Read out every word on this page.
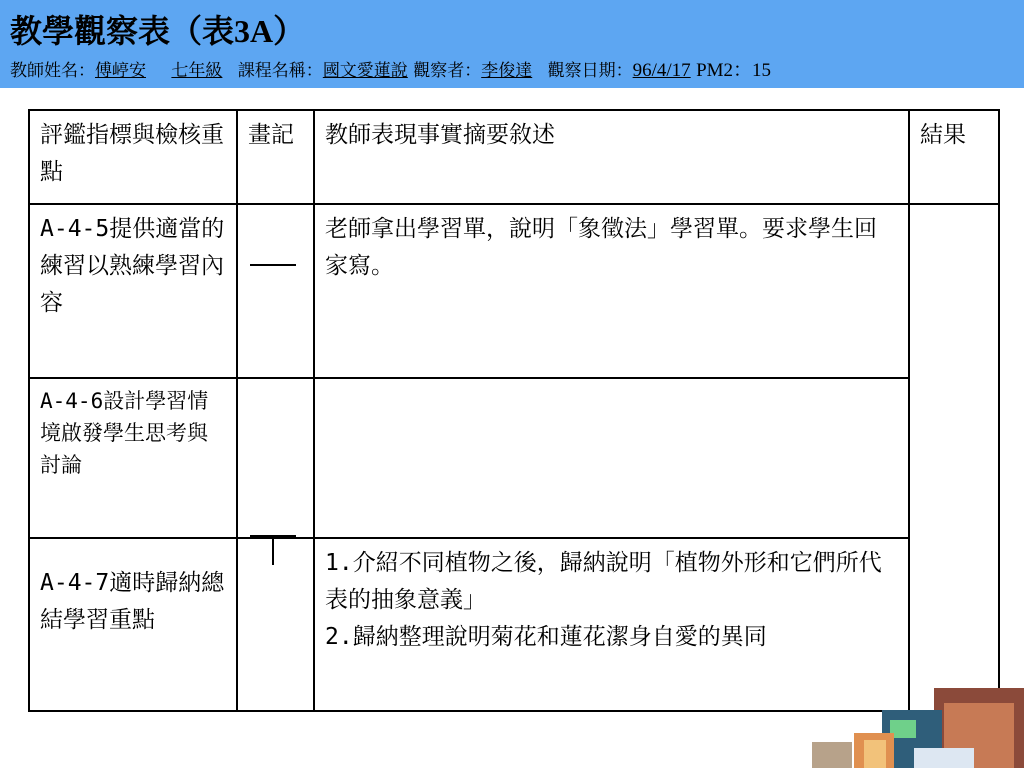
教學觀察表（表3A）
教師姓名：傅嵉安 七年級 課程名稱：國文愛蓮說 觀察者：李俊達 觀察日期：96/4/17 PM2：15
評鑑指標與檢核重點	畫記	教師表現事實摘要敘述	結果
A-4-5提供適當的練習以熟練學習內容		老師拿出學習單，說明「象徵法」學習單。要求學生回家寫。	
A-4-6設計學習情境啟發學生思考與討論			
A-4-7適時歸納總結學習重點		1.介紹不同植物之後，歸納說明「植物外形和它們所代表的抽象意義」
2.歸納整理說明菊花和蓮花潔身自愛的異同	
